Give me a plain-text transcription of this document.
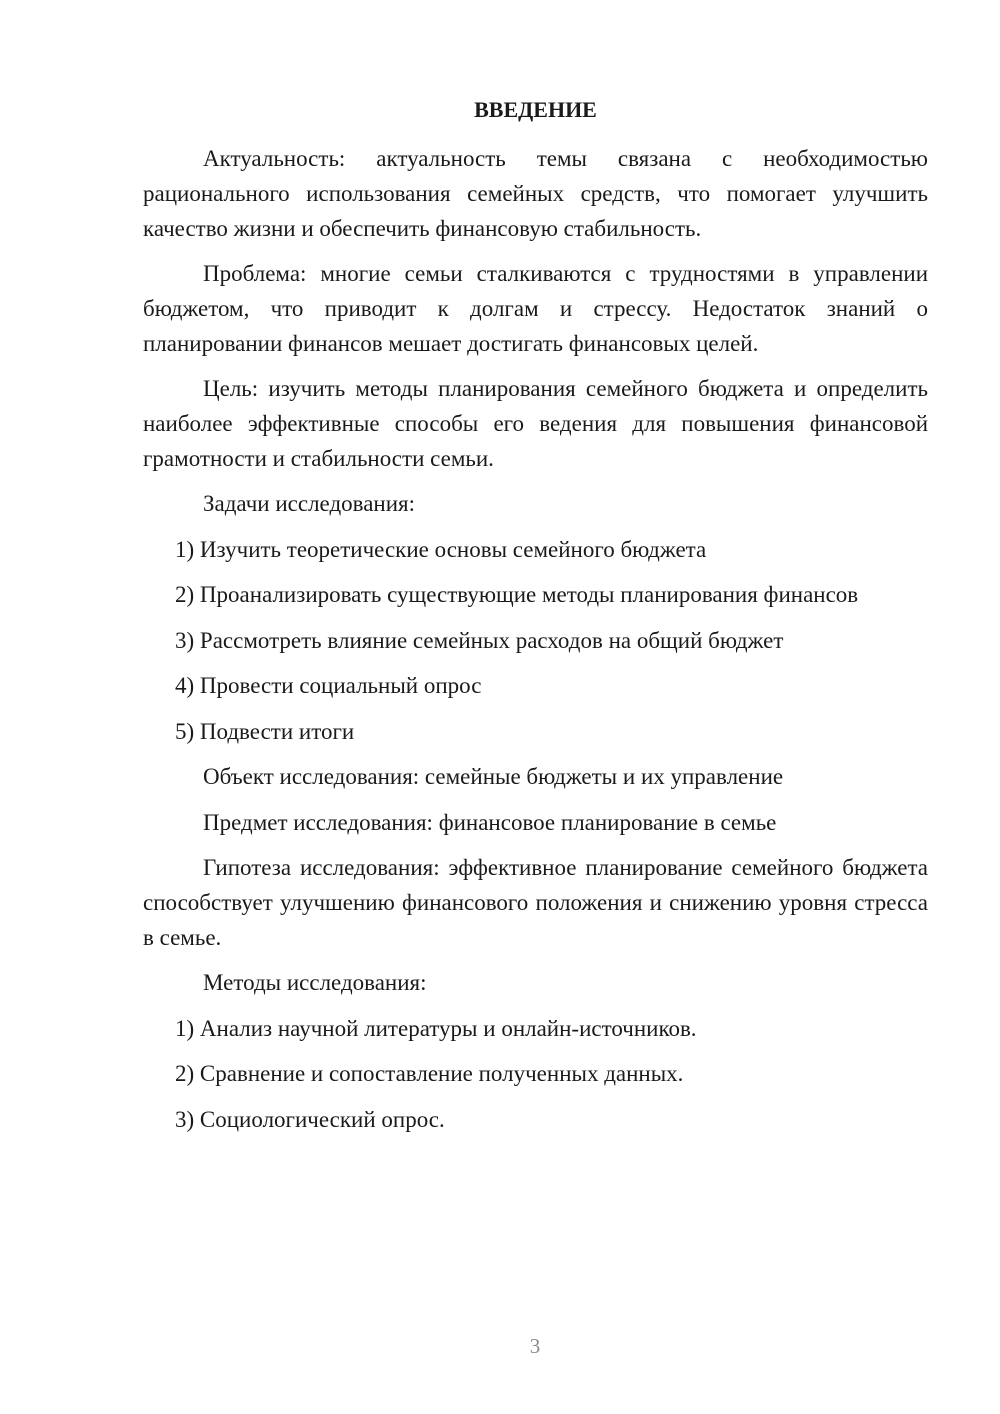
ВВЕДЕНИЕ

Актуальность: актуальность темы связана с необходимостью рационального использования семейных средств, что помогает улучшить качество жизни и обеспечить финансовую стабильность.

Проблема: многие семьи сталкиваются с трудностями в управлении бюджетом, что приводит к долгам и стрессу. Недостаток знаний о планировании финансов мешает достигать финансовых целей.

Цель: изучить методы планирования семейного бюджета и определить наиболее эффективные способы его ведения для повышения финансовой грамотности и стабильности семьи.

Задачи исследования:

1) Изучить теоретические основы семейного бюджета

2) Проанализировать существующие методы планирования финансов

3) Рассмотреть влияние семейных расходов на общий бюджет

4) Провести социальный опрос

5) Подвести итоги

Объект исследования: семейные бюджеты и их управление

Предмет исследования: финансовое планирование в семье

Гипотеза исследования: эффективное планирование семейного бюджета способствует улучшению финансового положения и снижению уровня стресса в семье.

Методы исследования:

1) Анализ научной литературы и онлайн-источников.

2) Сравнение и сопоставление полученных данных.

3) Социологический опрос.

3
